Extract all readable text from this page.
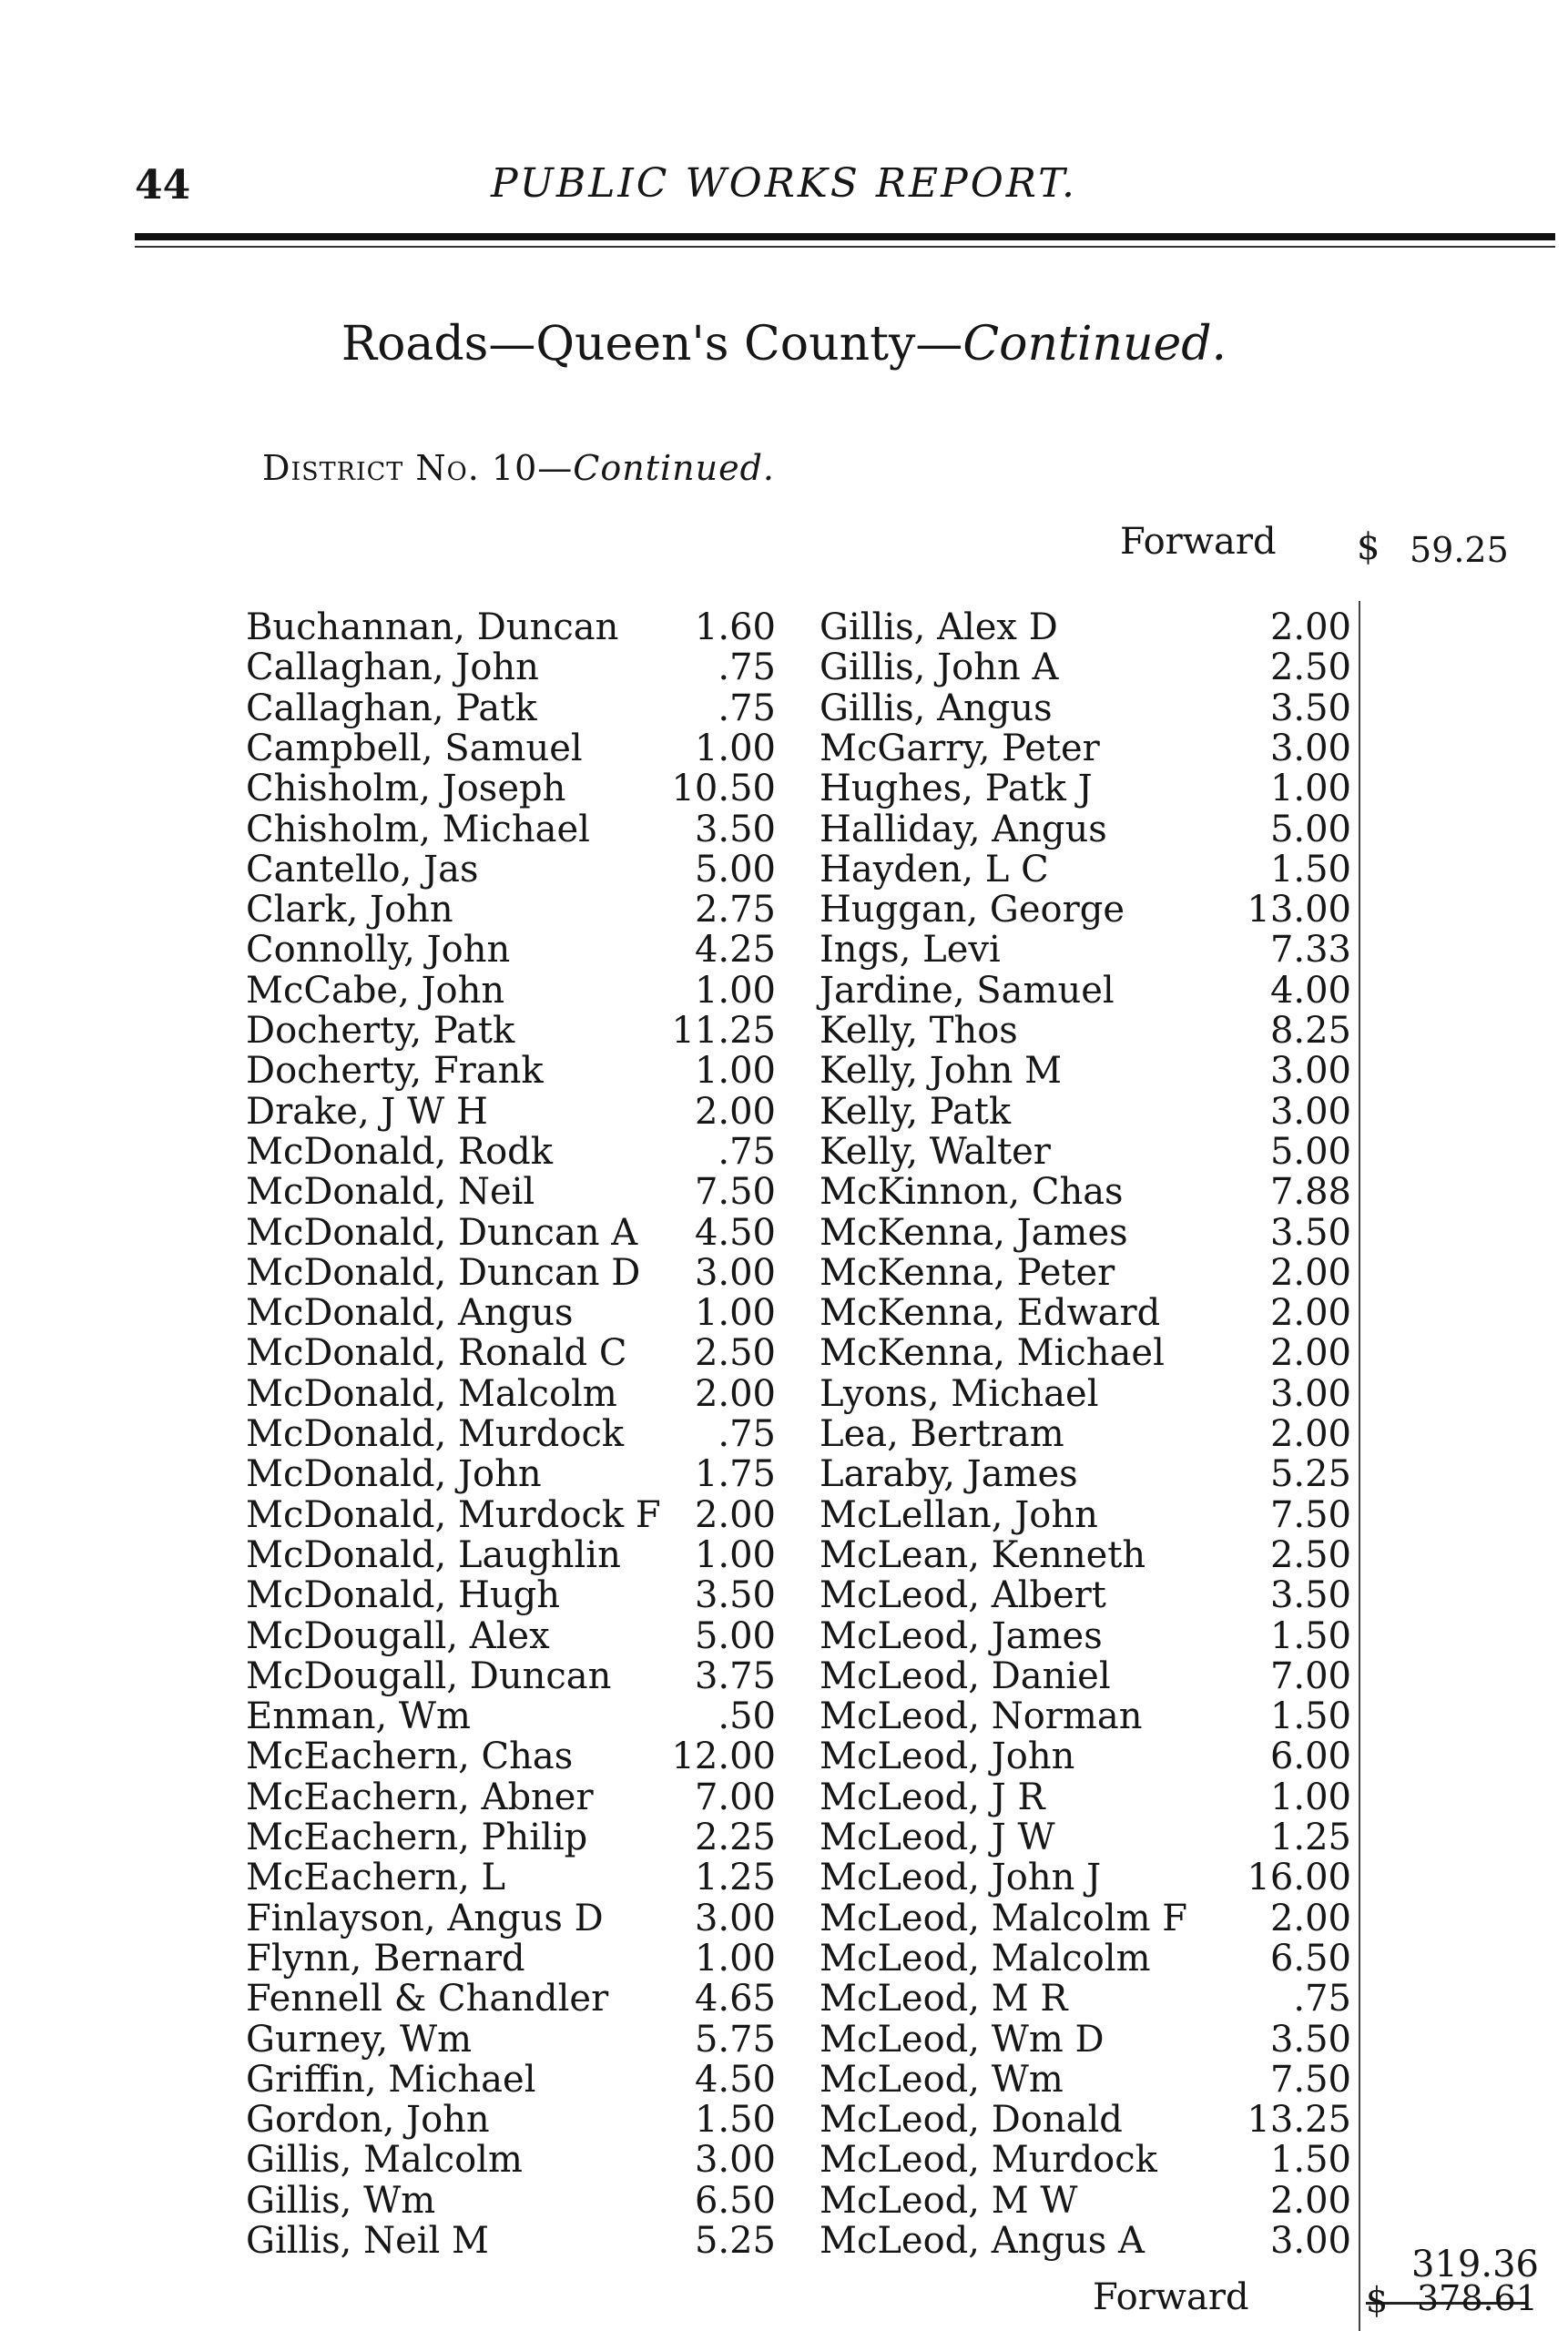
44	PUBLIC WORKS REPORT.
Roads—Queen's County—Continued.
District No. 10—Continued.
Forward $ 59.25
Buchannan, Duncan	1.60
Callaghan, John	.75
Callaghan, Patk	.75
Campbell, Samuel	1.00
Chisholm, Joseph	10.50
Chisholm, Michael	3.50
Cantello, Jas	5.00
Clark, John	2.75
Connolly, John	4.25
McCabe, John	1.00
Docherty, Patk	11.25
Docherty, Frank	1.00
Drake, J W H	2.00
McDonald, Rodk	.75
McDonald, Neil	7.50
McDonald, Duncan A	4.50
McDonald, Duncan D	3.00
McDonald, Angus	1.00
McDonald, Ronald C	2.50
McDonald, Malcolm	2.00
McDonald, Murdock	.75
McDonald, John	1.75
McDonald, Murdock F 2.00
McDonald, Laughlin	1.00
McDonald, Hugh	3.50
McDougall, Alex	5.00
McDougall, Duncan	3.75
Enman, Wm	.50
McEachern, Chas	12.00
McEachern, Abner	7.00
McEachern, Philip	2.25
McEachern, L	1.25
Finlayson, Angus D	3.00
Flynn, Bernard	1.00
Fennell & Chandler	4.65
Gurney, Wm	5.75
Griffin, Michael	4.50
Gordon, John	1.50
Gillis, Malcolm	3.00
Gillis, Wm	6.50
Gillis, Neil M	5.25
Gillis, Alex D	2.00
Gillis, John A	2.50
Gillis, Angus	3.50
McGarry, Peter	3.00
Hughes, Patk J	1.00
Halliday, Angus	5.00
Hayden, L C	1.50
Huggan, George	13.00
Ings, Levi	7.33
Jardine, Samuel	4.00
Kelly, Thos	8.25
Kelly, John M	3.00
Kelly, Patk	3.00
Kelly, Walter	5.00
McKinnon, Chas	7.88
McKenna, James	3.50
McKenna, Peter	2.00
McKenna, Edward	2.00
McKenna, Michael	2.00
Lyons, Michael	3.00
Lea, Bertram	2.00
Laraby, James	5.25
McLellan, John	7.50
McLean, Kenneth	2.50
McLeod, Albert	3.50
McLeod, James	1.50
McLeod, Daniel	7.00
McLeod, Norman	1.50
McLeod, John	6.00
McLeod, J R	1.00
McLeod, J W	1.25
McLeod, John J	16.00
McLeod, Malcolm F	2.00
McLeod, Malcolm	6.50
McLeod, M R	.75
McLeod, Wm D	3.50
McLeod, Wm	7.50
McLeod, Donald	13.25
McLeod, Murdock	1.50
McLeod, M W	2.00
McLeod, Angus A	3.00
319.36
Forward	$ 378.61
